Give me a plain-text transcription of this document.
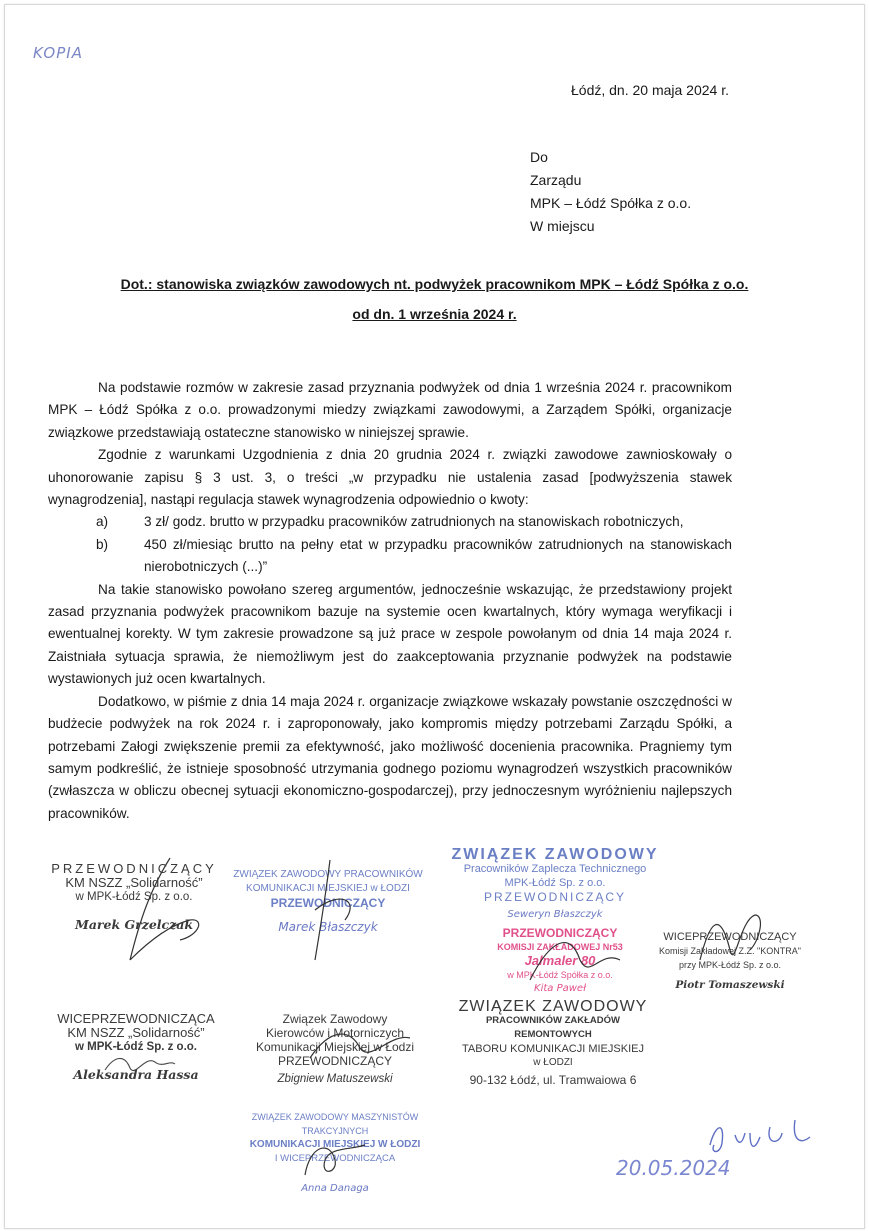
KOPIA
Łódź, dn. 20 maja 2024 r.
Do
Zarządu
MPK – Łódź Spółka z o.o.
W miejscu
Dot.: stanowiska związków zawodowych nt. podwyżek pracownikom MPK – Łódź Spółka z o.o.
od dn. 1 września 2024 r.

Na podstawie rozmów w zakresie zasad przyznania podwyżek od dnia 1 września 2024 r. pracownikom MPK – Łódź Spółka z o.o. prowadzonymi miedzy związkami zawodowymi, a Zarządem Spółki, organizacje związkowe przedstawiają ostateczne stanowisko w niniejszej sprawie.

Zgodnie z warunkami Uzgodnienia z dnia 20 grudnia 2024 r. związki zawodowe zawnioskowały o uhonorowanie zapisu § 3 ust. 3, o treści „w przypadku nie ustalenia zasad [podwyższenia stawek wynagrodzenia], nastąpi regulacja stawek wynagrodzenia odpowiednio o kwoty:

a)	3 zł/ godz. brutto w przypadku pracowników zatrudnionych na stanowiskach robotniczych,
b)	450 zł/miesiąc brutto na pełny etat w przypadku pracowników zatrudnionych na stanowiskach nierobotniczych (...)”

Na takie stanowisko powołano szereg argumentów, jednocześnie wskazując, że przedstawiony projekt zasad przyznania podwyżek pracownikom bazuje na systemie ocen kwartalnych, który wymaga weryfikacji i ewentualnej korekty. W tym zakresie prowadzone są już prace w zespole powołanym od dnia 14 maja 2024 r. Zaistniała sytuacja sprawia, że niemożliwym jest do zaakceptowania przyznanie podwyżek na podstawie wystawionych już ocen kwartalnych.

Dodatkowo, w piśmie z dnia 14 maja 2024 r. organizacje związkowe wskazały powstanie oszczędności w budżecie podwyżek na rok 2024 r. i zaproponowały, jako kompromis między potrzebami Zarządu Spółki, a potrzebami Załogi zwiększenie premii za efektywność, jako możliwość docenienia pracownika. Pragniemy tym samym podkreślić, że istnieje sposobność utrzymania godnego poziomu wynagrodzeń wszystkich pracowników (zwłaszcza w obliczu obecnej sytuacji ekonomiczno-gospodarczej), przy jednoczesnym wyróżnieniu najlepszych pracowników.

PRZEWODNICZĄCY
KM NSZZ „Solidarność”
w MPK-Łódź Sp. z o.o.
Marek Grzelczak
ZWIĄZEK ZAWODOWY PRACOWNIKÓW
KOMUNIKACJI MIEJSKIEJ w ŁODZI
PRZEWODNICZĄCY
Marek Błaszczyk
ZWIĄZEK ZAWODOWY
Pracowników Zaplecza Technicznego
MPK-Łódź Sp. z o.o.
PRZEWODNICZĄCY
Seweryn Błaszczyk
PRZEWODNICZĄCY
KOMISJI ZAKŁADOWEJ Nr53
Jalmaler 80
w MPK-Łódź Spółka z o.o.
Kita Paweł
WICEPRZEWODNICZĄCY
Komisji Zakładowej Z.Z. "KONTRA"
przy MPK-Łódź Sp. z o.o.
Piotr Tomaszewski
WICEPRZEWODNICZĄCA
KM NSZZ „Solidarność”
w MPK-Łódź Sp. z o.o.
Aleksandra Hassa
Związek Zawodowy
Kierowców i Motorniczych
Komunikacji Miejskiej w Łodzi
PRZEWODNICZĄCY
Zbigniew Matuszewski
ZWIĄZEK ZAWODOWY
PRACOWNIKÓW ZAKŁADÓW REMONTOWYCH
TABORU KOMUNIKACJI MIEJSKIEJ
w ŁODZI
90-132 Łódź, ul. Tramwaiowa 6
ZWIĄZEK ZAWODOWY MASZYNISTÓW TRAKCYJNYCH
KOMUNIKACJI MIEJSKIEJ W ŁODZI
I WICEPRZEWODNICZĄCA
Anna Danaga
20.05.2024
